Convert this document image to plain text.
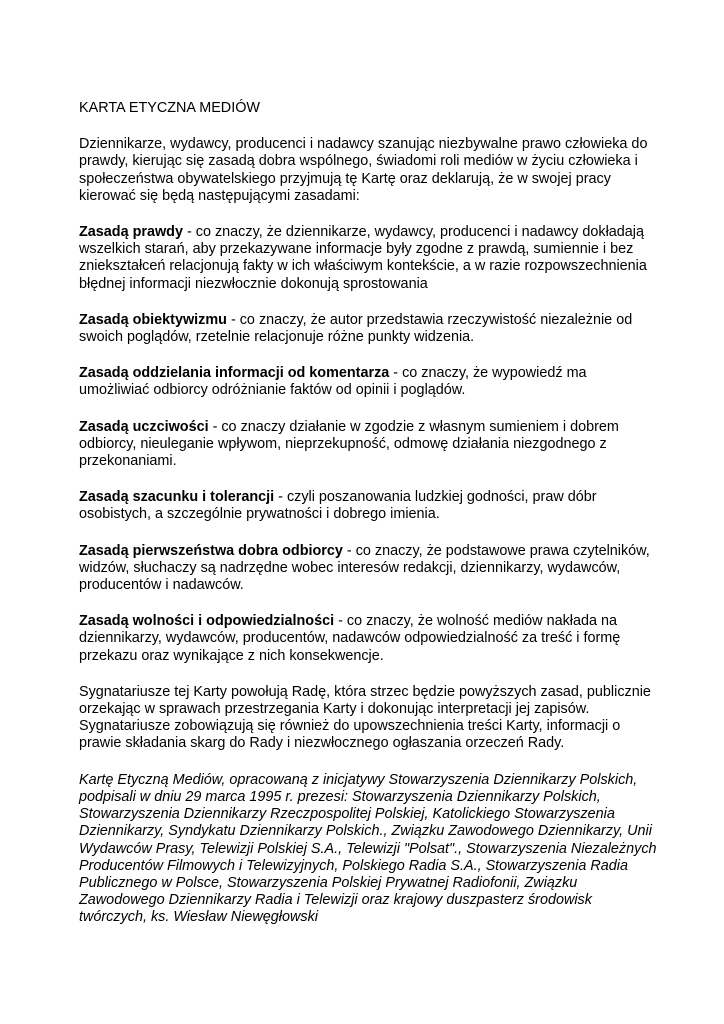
KARTA ETYCZNA MEDIÓW

Dziennikarze, wydawcy, producenci i nadawcy szanując niezbywalne prawo człowieka do prawdy, kierując się zasadą dobra wspólnego, świadomi roli mediów w życiu człowieka i społeczeństwa obywatelskiego przyjmują tę Kartę oraz deklarują, że w swojej pracy kierować się będą następującymi zasadami:

Zasadą prawdy - co znaczy, że dziennikarze, wydawcy, producenci i nadawcy dokładają wszelkich starań, aby przekazywane informacje były zgodne z prawdą, sumiennie i bez zniekształceń relacjonują fakty w ich właściwym kontekście, a w razie rozpowszechnienia błędnej informacji niezwłocznie dokonują sprostowania

Zasadą obiektywizmu - co znaczy, że autor przedstawia rzeczywistość niezależnie od swoich poglądów, rzetelnie relacjonuje różne punkty widzenia.

Zasadą oddzielania informacji od komentarza - co znaczy, że wypowiedź ma umożliwiać odbiorcy odróżnianie faktów od opinii i poglądów.

Zasadą uczciwości - co znaczy działanie w zgodzie z własnym sumieniem i dobrem odbiorcy, nieuleganie wpływom, nieprzekupność, odmowę działania niezgodnego z przekonaniami.

Zasadą szacunku i tolerancji - czyli poszanowania ludzkiej godności, praw dóbr osobistych, a szczególnie prywatności i dobrego imienia.

Zasadą pierwszeństwa dobra odbiorcy - co znaczy, że podstawowe prawa czytelników, widzów, słuchaczy są nadrzędne wobec interesów redakcji, dziennikarzy, wydawców, producentów i nadawców.

Zasadą wolności i odpowiedzialności - co znaczy, że wolność mediów nakłada na dziennikarzy, wydawców, producentów, nadawców odpowiedzialność za treść i formę przekazu oraz wynikające z nich konsekwencje.

Sygnatariusze tej Karty powołują Radę, która strzec będzie powyższych zasad, publicznie orzekając w sprawach przestrzegania Karty i dokonując interpretacji jej zapisów. Sygnatariusze zobowiązują się również do upowszechnienia treści Karty, informacji o prawie składania skarg do Rady i niezwłocznego ogłaszania orzeczeń Rady.

Kartę Etyczną Mediów, opracowaną z inicjatywy Stowarzyszenia Dziennikarzy Polskich, podpisali w dniu 29 marca 1995 r. prezesi: Stowarzyszenia Dziennikarzy Polskich, Stowarzyszenia Dziennikarzy Rzeczpospolitej Polskiej, Katolickiego Stowarzyszenia Dziennikarzy, Syndykatu Dziennikarzy Polskich., Związku Zawodowego Dziennikarzy, Unii Wydawców Prasy, Telewizji Polskiej S.A., Telewizji "Polsat"., Stowarzyszenia Niezależnych Producentów Filmowych i Telewizyjnych, Polskiego Radia S.A., Stowarzyszenia Radia Publicznego w Polsce, Stowarzyszenia Polskiej Prywatnej Radiofonii, Związku Zawodowego Dziennikarzy Radia i Telewizji oraz krajowy duszpasterz środowisk twórczych, ks. Wiesław Niewęgłowski
